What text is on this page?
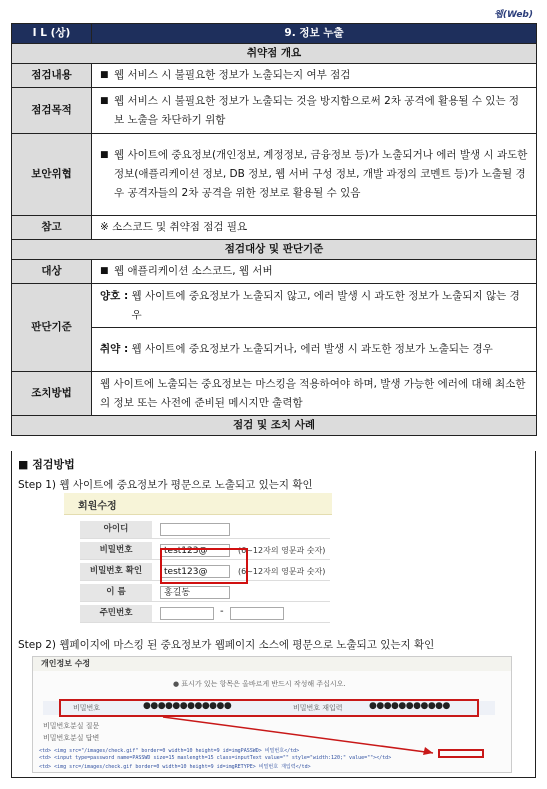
웹(Web)
I L (상)	9. 정보 누출
취약점 개요	
점검내용	■ 웹 서비스 시 불필요한 정보가 노출되는지 여부 점검

점검목적	■ 웹 서비스 시 불필요한 정보가 노출되는 것을 방지함으로써 2차 공격에 활용될 수 있는 정보 노출을 차단하기 위함

보안위협	■ 웹 사이트에 중요정보(개인정보, 계정정보, 금융정보 등)가 노출되거나 에러 발생 시 과도한 정보(애플리케이션 정보, DB 정보, 웹 서버 구성 정보, 개발 과정의 코멘트 등)가 노출될 경우 공격자들의 2차 공격을 위한 정보로 활용될 수 있음

참고	※ 소스코드 및 취약점 점검 필요
점검대상 및 판단기준	
대상	■ 웹 애플리케이션 소스코드, 웹 서버

판단기준	양호 :
웹 사이트에 중요정보가 노출되지 않고, 에러 발생 시 과도한 정보가 노출되지 않는 경우

	취약 :
웹 사이트에 중요정보가 노출되거나, 에러 발생 시 과도한 정보가 노출되는 경우

조치방법	웹 사이트에 노출되는 중요정보는 마스킹을 적용하여야 하며, 발생 가능한 에러에 대해 최소한의 정보 또는 사전에 준비된 메시지만 출력함
점검 및 조치 사례	
■ 점검방법
Step 1) 웹 사이트에 중요정보가 평문으로 노출되고 있는지 확인
회원수정
아이디
비밀번호	test123@	(6~12자의 영문과 숫자)
비밀번호 확인	test123@	(6~12자의 영문과 숫자)
이 름	홍길동
주민번호	-
Step 2) 웹페이지에 마스킹 된 중요정보가 웹페이지 소스에 평문으로 노출되고 있는지 확인
개인정보 수정
● 표시가 있는 항목은 올바르게 반드시 작성해 주십시오.
비밀번호	●●●●●●●●●●●●	비밀번호 재입력	●●●●●●●●●●●
비밀번호분실 질문
비밀번호분실 답변
<td> <img src="/images/check.gif" border=0 width=10 height=9 id=imgPASSWD> 비밀번호</td>
<td> <input type=password name=PASSWD size=15 maxlength=15 class=inputText value="" style="width:120;" value=""></td>
<td> <img src=/images/check.gif border=0 width=10 height=9 id=imgRETYPE> 비밀번호 재입력</td>
